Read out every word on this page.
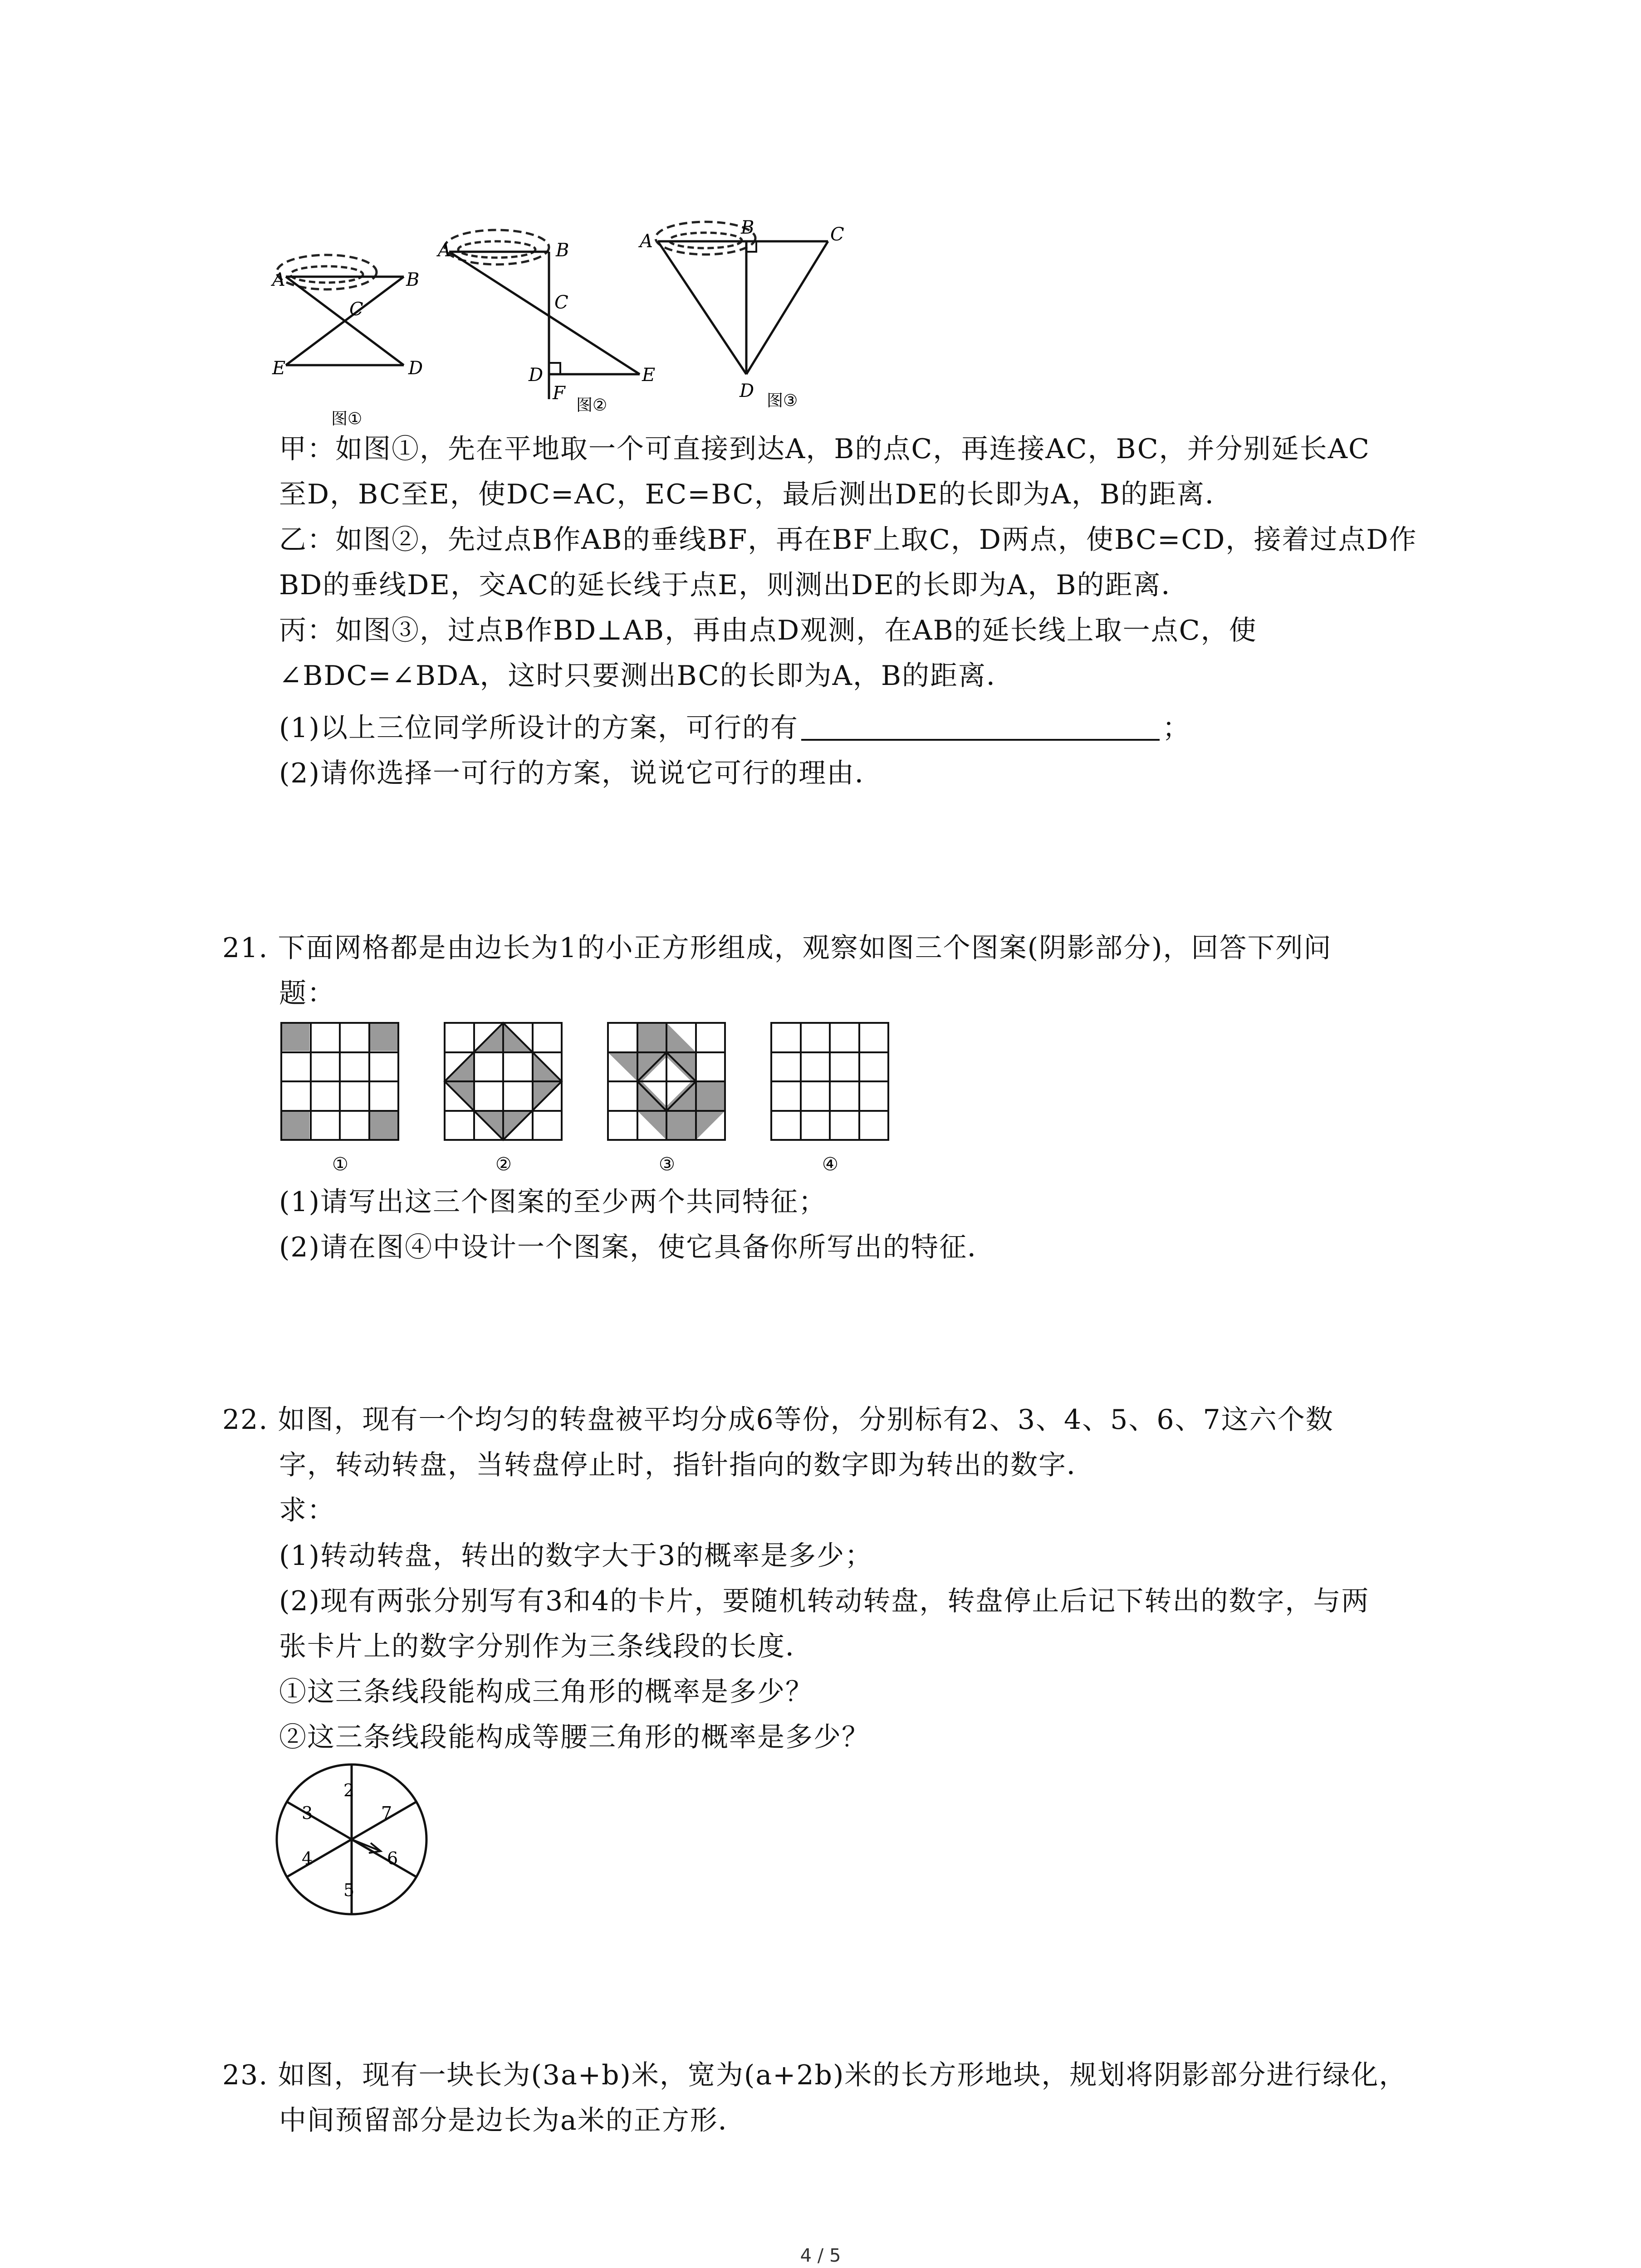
A	B
C
E	D
图①
A	B
C
D	E
F
图②
A
B	C
D 图③
甲：如图①，先在平地取一个可直接到达A，B的点C，再连接AC，BC，并分别延长AC
至D，BC至E，使DC=AC，EC=BC，最后测出DE的长即为A，B的距离．
乙：如图②，先过点B作AB的垂线BF，再在BF上取C，D两点，使BC=CD，接着过点D作
BD的垂线DE，交AC的延长线于点E，则测出DE的长即为A，B的距离．
丙：如图③，过点B作BD⊥AB，再由点D观测，在AB的延长线上取一点C，使
∠BDC=∠BDA，这时只要测出BC的长即为A，B的距离．
(1)以上三位同学所设计的方案，可行的有	；
(2)请你选择一可行的方案，说说它可行的理由．
21. 下面网格都是由边长为1的小正方形组成，观察如图三个图案(阴影部分)，回答下列问
题：
①	②	③	④
(1)请写出这三个图案的至少两个共同特征；
(2)请在图④中设计一个图案，使它具备你所写出的特征．
22. 如图，现有一个均匀的转盘被平均分成6等份，分别标有2、3、4、5、6、7这六个数
字，转动转盘，当转盘停止时，指针指向的数字即为转出的数字．
求：
(1)转动转盘，转出的数字大于3的概率是多少；
(2)现有两张分别写有3和4的卡片，要随机转动转盘，转盘停止后记下转出的数字，与两
张卡片上的数字分别作为三条线段的长度．
①这三条线段能构成三角形的概率是多少？
②这三条线段能构成等腰三角形的概率是多少？
2
7
6
5
4
3
23. 如图，现有一块长为(3a+b)米，宽为(a+2b)米的长方形地块，规划将阴影部分进行绿化，
中间预留部分是边长为a米的正方形．
4 / 5
